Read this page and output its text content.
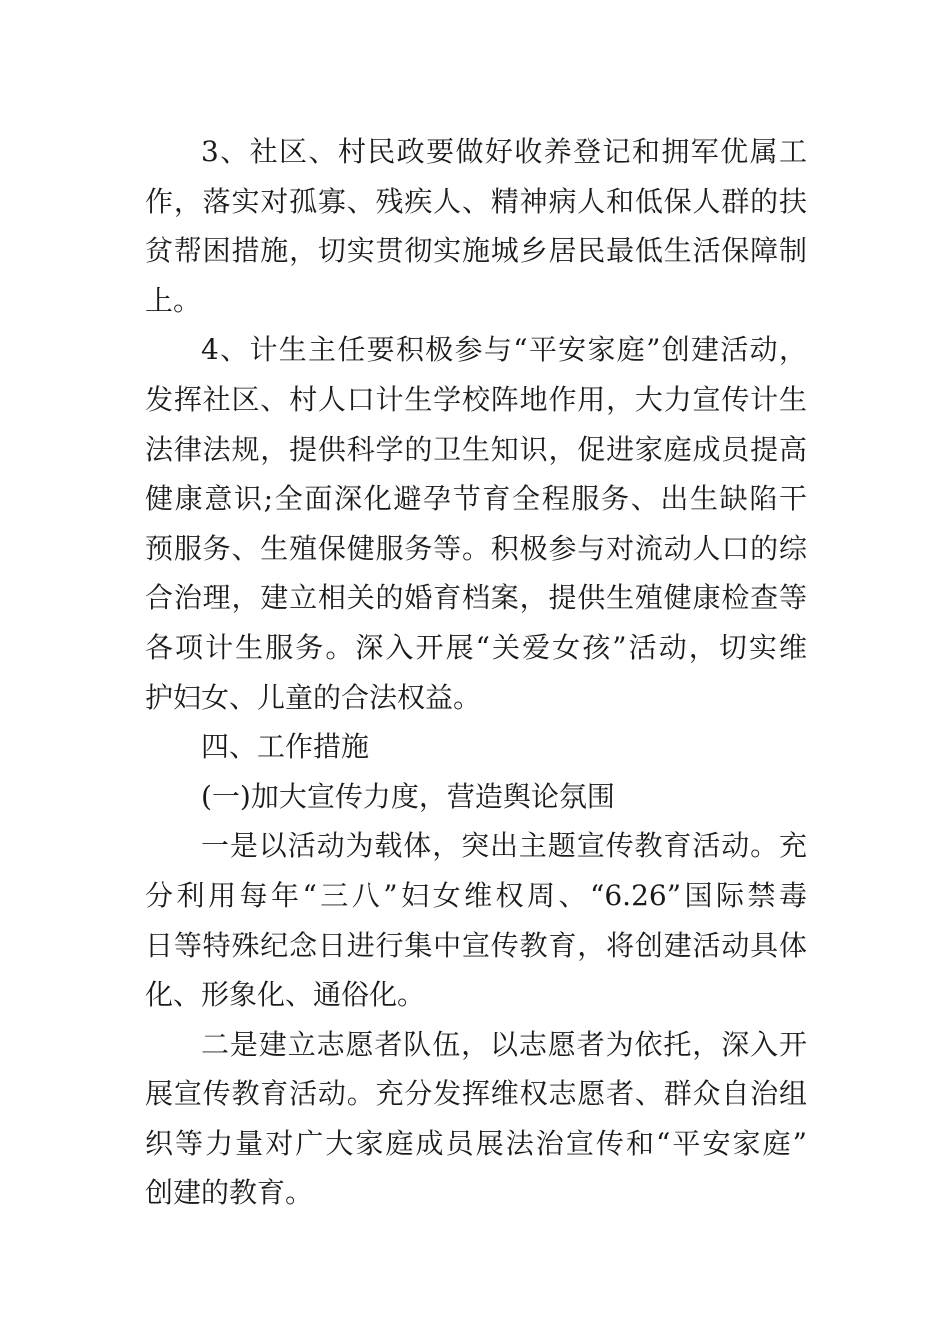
3、社区、村民政要做好收养登记和拥军优属工
作，落实对孤寡、残疾人、精神病人和低保人群的扶
贫帮困措施，切实贯彻实施城乡居民最低生活保障制
上。

4、计生主任要积极参与“平安家庭”创建活动，
发挥社区、村人口计生学校阵地作用，大力宣传计生
法律法规，提供科学的卫生知识，促进家庭成员提高
健康意识;全面深化避孕节育全程服务、出生缺陷干
预服务、生殖保健服务等。积极参与对流动人口的综
合治理，建立相关的婚育档案，提供生殖健康检查等
各项计生服务。深入开展“关爱女孩”活动，切实维
护妇女、儿童的合法权益。

四、工作措施

(一)加大宣传力度，营造舆论氛围

一是以活动为载体，突出主题宣传教育活动。充
分利用每年“三八”妇女维权周、“6.26”国际禁毒
日等特殊纪念日进行集中宣传教育，将创建活动具体
化、形象化、通俗化。

二是建立志愿者队伍，以志愿者为依托，深入开
展宣传教育活动。充分发挥维权志愿者、群众自治组
织等力量对广大家庭成员展法治宣传和“平安家庭”
创建的教育。
